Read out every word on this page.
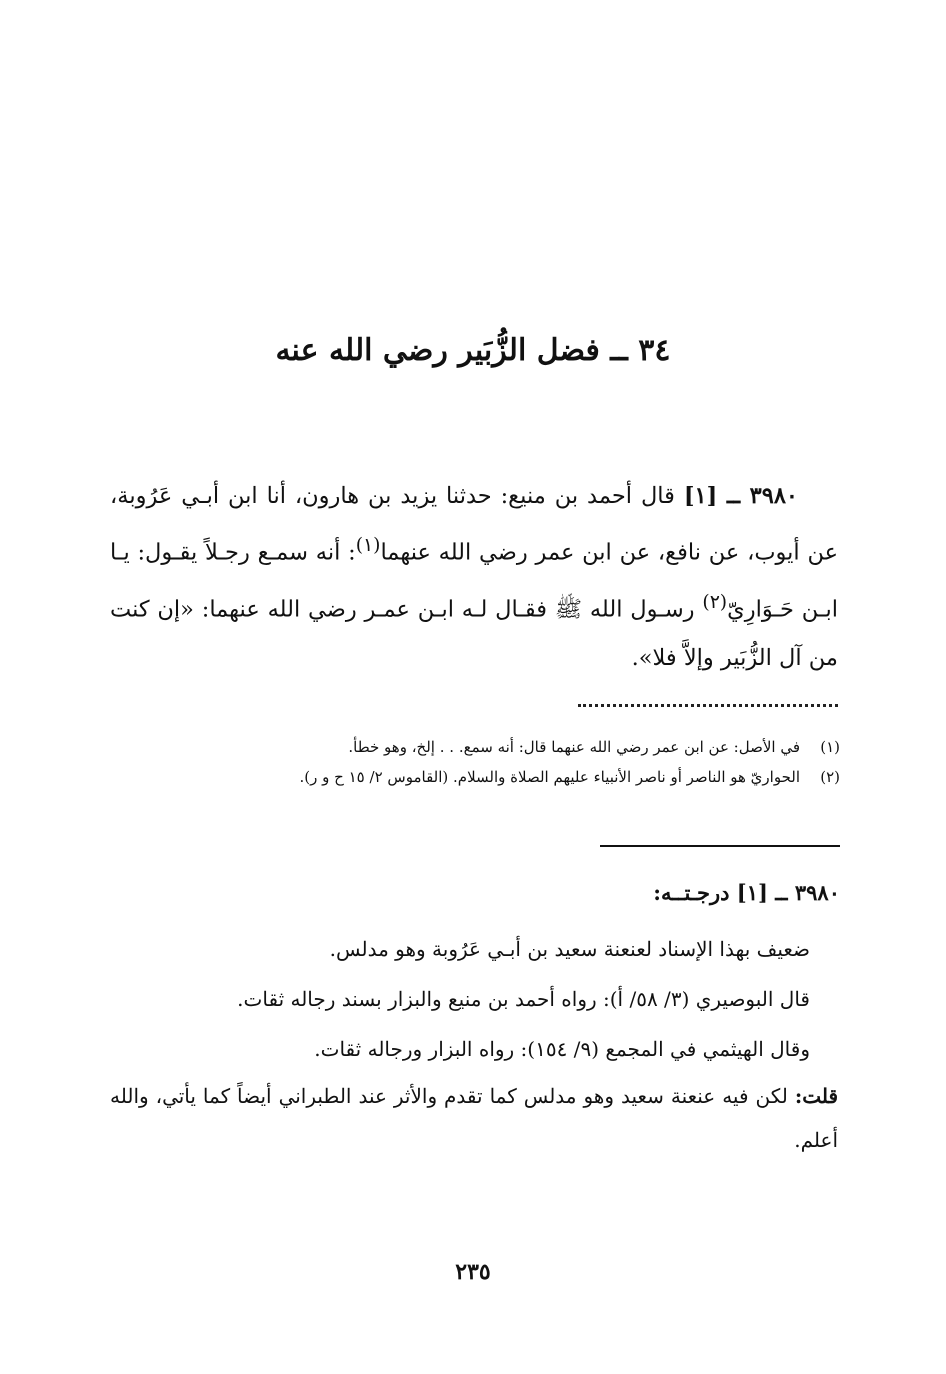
٣٤ ــ فضل الزُّبَير رضي الله عنه
٣٩٨٠ ــ [١] قال أحمد بن منيع: حدثنا يزيد بن هارون، أنا ابن أبـي عَرُوبة، عن أيوب، عن نافع، عن ابن عمر رضي الله عنهما$^{(١)}$: أنه سمـع رجـلاً يقـول: يـا ابـن حَـوَارِيّ$^{(٢)}$ رسـول الله ﷺ فقـال لـه ابـن عمـر رضي الله عنهما: «إن كنت من آل الزُّبَير وإلاَّ فلا».
(١)
في الأصل: عن ابن عمر رضي الله عنهما قال: أنه سمع. . . إلخ، وهو خطأ.
(٢)
الحواريّ هو الناصر أو ناصر الأنبياء عليهم الصلاة والسلام. (القاموس ٢/ ١٥ ح و ر).
٣٩٨٠ ــ [١] درجـتــه:
ضعيف بهذا الإسناد لعنعنة سعيد بن أبـي عَرُوبة وهو مدلس.
قال البوصيري (٣/ ٥٨/ أ): رواه أحمد بن منيع والبزار بسند رجاله ثقات.
وقال الهيثمي في المجمع (٩/ ١٥٤): رواه البزار ورجاله ثقات.
قلت: لكن فيه عنعنة سعيد وهو مدلس كما تقدم والأثر عند الطبراني أيضاً كما يأتي، والله أعلم.
٢٣٥
